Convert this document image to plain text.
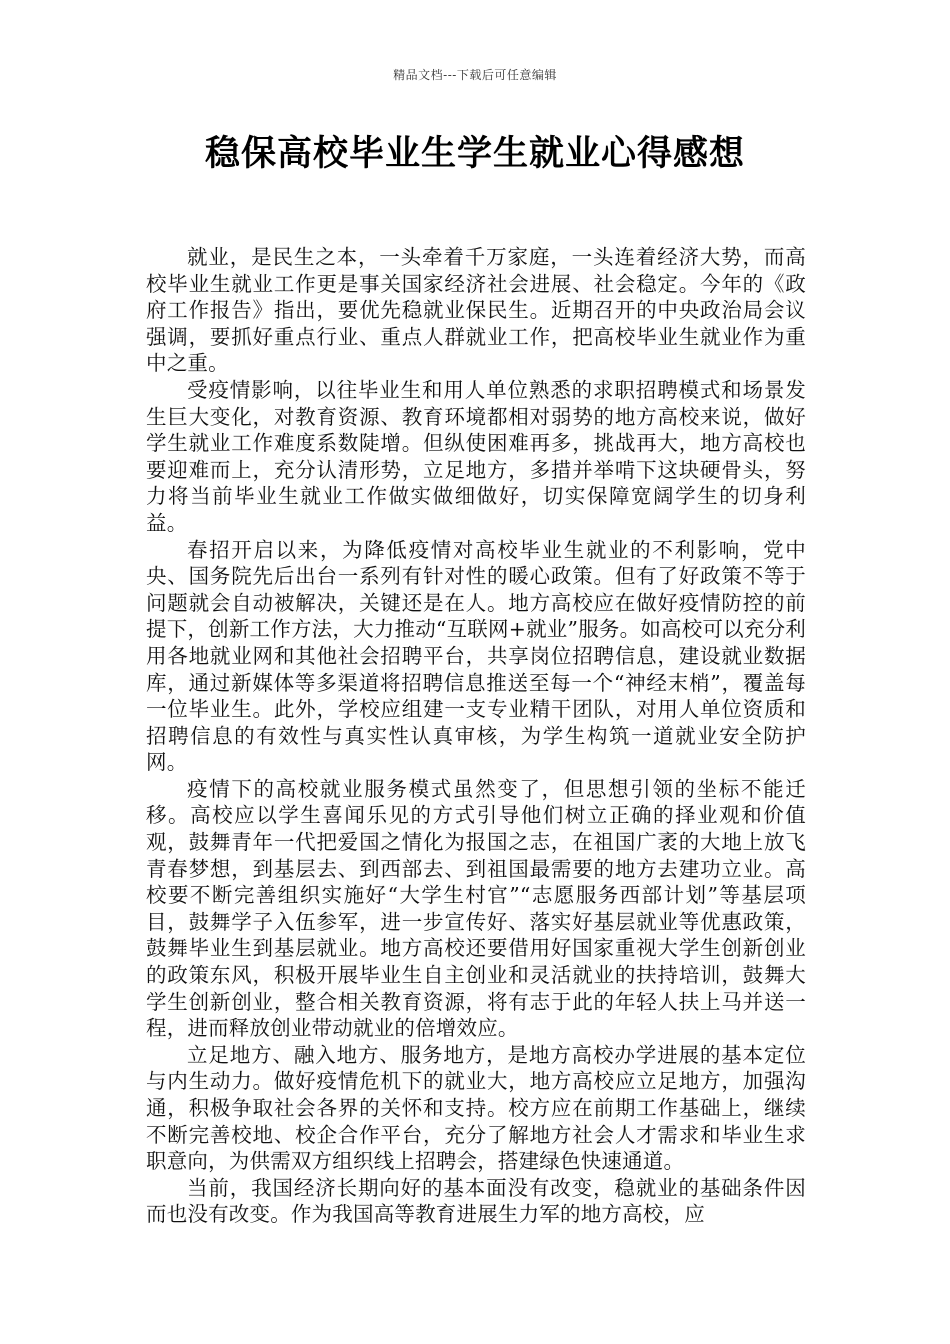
精品文档---下载后可任意编辑
稳保高校毕业生学生就业心得感想

就业，是民生之本，一头牵着千万家庭，一头连着经济大势，而高校毕业生就业工作更是事关国家经济社会进展、社会稳定。今年的《政府工作报告》指出，要优先稳就业保民生。近期召开的中央政治局会议强调，要抓好重点行业、重点人群就业工作，把高校毕业生就业作为重中之重。

受疫情影响，以往毕业生和用人单位熟悉的求职招聘模式和场景发生巨大变化，对教育资源、教育环境都相对弱势的地方高校来说，做好学生就业工作难度系数陡增。但纵使困难再多，挑战再大，地方高校也要迎难而上，充分认清形势，立足地方，多措并举啃下这块硬骨头，努力将当前毕业生就业工作做实做细做好，切实保障宽阔学生的切身利益。

春招开启以来，为降低疫情对高校毕业生就业的不利影响，党中央、国务院先后出台一系列有针对性的暖心政策。但有了好政策不等于问题就会自动被解决，关键还是在人。地方高校应在做好疫情防控的前提下，创新工作方法，大力推动“互联网+就业”服务。如高校可以充分利用各地就业网和其他社会招聘平台，共享岗位招聘信息，建设就业数据库，通过新媒体等多渠道将招聘信息推送至每一个“神经末梢”，覆盖每一位毕业生。此外，学校应组建一支专业精干团队，对用人单位资质和招聘信息的有效性与真实性认真审核，为学生构筑一道就业安全防护网。

疫情下的高校就业服务模式虽然变了，但思想引领的坐标不能迁移。高校应以学生喜闻乐见的方式引导他们树立正确的择业观和价值观，鼓舞青年一代把爱国之情化为报国之志，在祖国广袤的大地上放飞青春梦想，到基层去、到西部去、到祖国最需要的地方去建功立业。高校要不断完善组织实施好“大学生村官”“志愿服务西部计划”等基层项目，鼓舞学子入伍参军，进一步宣传好、落实好基层就业等优惠政策，鼓舞毕业生到基层就业。地方高校还要借用好国家重视大学生创新创业的政策东风，积极开展毕业生自主创业和灵活就业的扶持培训，鼓舞大学生创新创业，整合相关教育资源，将有志于此的年轻人扶上马并送一程，进而释放创业带动就业的倍增效应。

立足地方、融入地方、服务地方，是地方高校办学进展的基本定位与内生动力。做好疫情危机下的就业大，地方高校应立足地方，加强沟通，积极争取社会各界的关怀和支持。校方应在前期工作基础上，继续不断完善校地、校企合作平台，充分了解地方社会人才需求和毕业生求职意向，为供需双方组织线上招聘会，搭建绿色快速通道。

当前，我国经济长期向好的基本面没有改变，稳就业的基础条件因而也没有改变。作为我国高等教育进展生力军的地方高校，应
